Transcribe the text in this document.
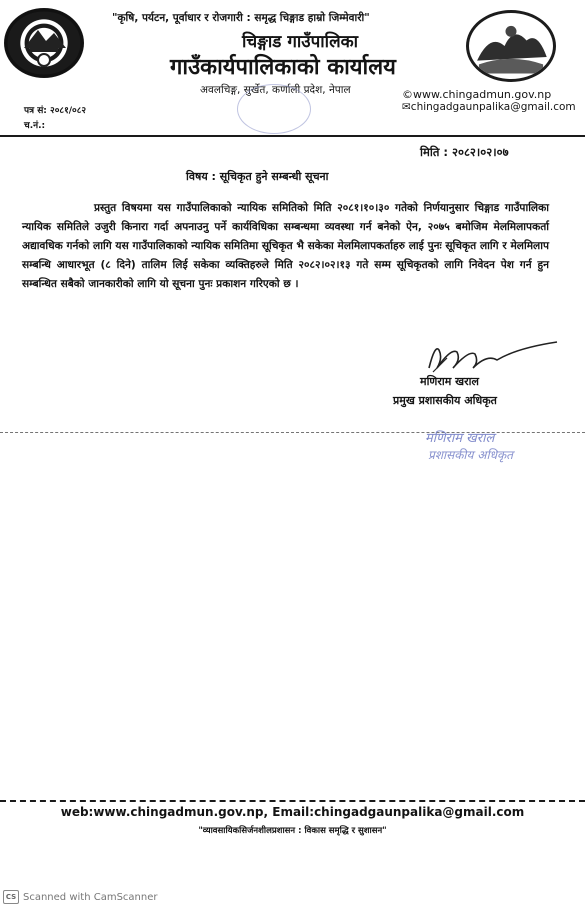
"कृषि, पर्यटन, पूर्वाधार र रोजगारी : समृद्ध चिङ्गाड हाम्रो जिम्मेवारी"
चिङ्गाड गाउँपालिका
गाउँकार्यपालिकाको कार्यालय
अवलचिङ्ग, सुर्खेत, कर्णाली प्रदेश, नेपाल	©www.chingadmun.gov.np
✉chingadgaunpalika@gmail.com
पत्र सं: २०८१/०८२
च.नं.:
मिति : २०८२।०२।०७
विषय : सूचिकृत हुने सम्बन्धी सूचना
प्रस्तुत विषयमा यस गाउँपालिकाको न्यायिक समितिको मिति २०८१।१०।३० गतेको निर्णयानुसार चिङ्गाड गाउँपालिका न्यायिक समितिले उजुरी किनारा गर्दा अपनाउनु पर्ने कार्यविधिका सम्बन्धमा व्यवस्था गर्न बनेको ऐन, २०७५ बमोजिम मेलमिलापकर्ता अद्यावधिक गर्नको लागि यस गाउँपालिकाको न्यायिक समितिमा सूचिकृत भै सकेका मेलमिलापकर्ताहरु लाई पुनः सूचिकृत लागि र मेलमिलाप सम्बन्धि आधारभूत (८ दिने) तालिम लिई सकेका व्यक्तिहरुले मिति २०८२।०२।१३ गते सम्म सूचिकृतको लागि निवेदन पेश गर्न हुन सम्बन्धित सबैको जानकारीको लागि यो सूचना पुनः प्रकाशन गरिएको छ ।
मणिराम खराल
प्रमुख प्रशासकीय अधिकृत
मणिराम खराल
प्रशासकीय अधिकृत
web:www.chingadmun.gov.np, Email:chingadgaunpalika@gmail.com
"व्यावसायिकसिर्जनशीलप्रशासन : विकास समृद्धि र सुशासन"
CS Scanned with CamScanner
